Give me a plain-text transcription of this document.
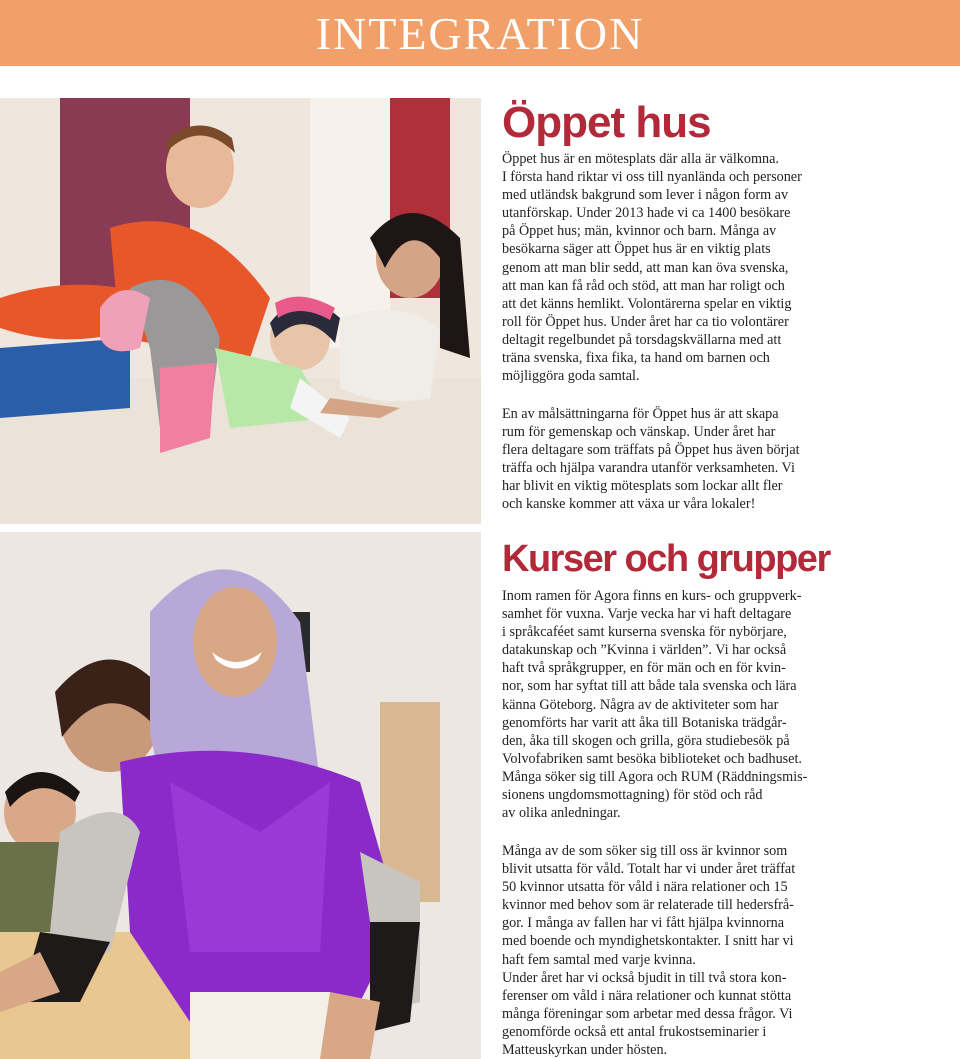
INTEGRATION
Öppet hus

Öppet hus är en mötesplats där alla är välkomna.
I första hand riktar vi oss till nyanlända och personer
med utländsk bakgrund som lever i någon form av
utanförskap. Under 2013 hade vi ca 1400 besökare
på Öppet hus; män, kvinnor och barn. Många av
besökarna säger att Öppet hus är en viktig plats
genom att man blir sedd, att man kan öva svenska,
att man kan få råd och stöd, att man har roligt och
att det känns hemlikt. Volontärerna spelar en viktig
roll för Öppet hus. Under året har ca tio volontärer
deltagit regelbundet på torsdagskvällarna med att
träna svenska, fixa fika, ta hand om barnen och
möjliggöra goda samtal.

En av målsättningarna för Öppet hus är att skapa
rum för gemenskap och vänskap. Under året har
flera deltagare som träffats på Öppet hus även börjat
träffa och hjälpa varandra utanför verksamheten. Vi
har blivit en viktig mötesplats som lockar allt fler
och kanske kommer att växa ur våra lokaler!

Kurser och grupper

Inom ramen för Agora finns en kurs- och gruppverk-
samhet för vuxna. Varje vecka har vi haft deltagare
i språkcaféet samt kurserna svenska för nybörjare,
datakunskap och ”Kvinna i världen”. Vi har också
haft två språkgrupper, en för män och en för kvin-
nor, som har syftat till att både tala svenska och lära
känna Göteborg. Några av de aktiviteter som har
genomförts har varit att åka till Botaniska trädgår-
den, åka till skogen och grilla, göra studiebesök på
Volvofabriken samt besöka biblioteket och badhuset.
Många söker sig till Agora och RUM (Räddningsmis-
sionens ungdomsmottagning) för stöd och råd
av olika anledningar.

Många av de som söker sig till oss är kvinnor som
blivit utsatta för våld. Totalt har vi under året träffat
50 kvinnor utsatta för våld i nära relationer och 15
kvinnor med behov som är relaterade till hedersfrå-
gor. I många av fallen har vi fått hjälpa kvinnorna
med boende och myndighetskontakter. I snitt har vi
haft fem samtal med varje kvinna.
Under året har vi också bjudit in till två stora kon-
ferenser om våld i nära relationer och kunnat stötta
många föreningar som arbetar med dessa frågor. Vi
genomförde också ett antal frukostseminarier i
Matteuskyrkan under hösten.
